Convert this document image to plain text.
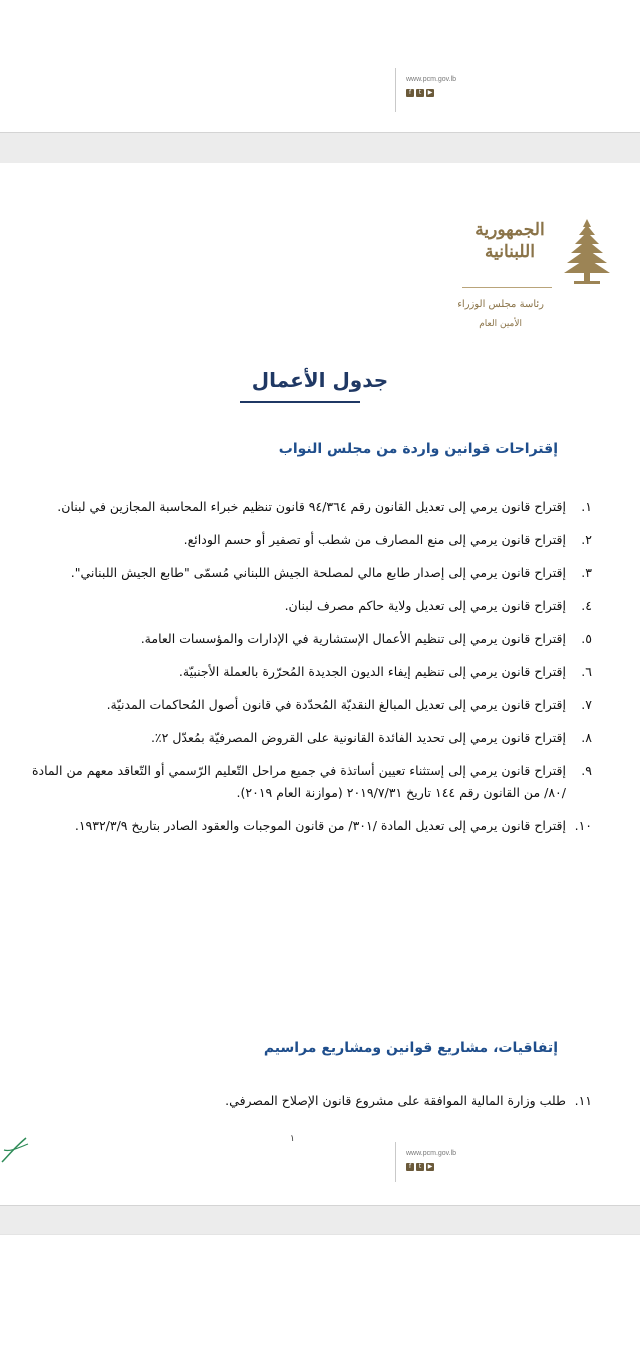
www.pcm.gov.lb
f	t	▶
الجمهورية
اللبنانية
رئاسة مجلس الوزراء
الأمين العام
جدول الأعمال
إقتراحات قوانين واردة من مجلس النواب
١.
إقتراح قانون يرمي إلى تعديل القانون رقم ٩٤/٣٦٤ قانون تنظيم خبراء المحاسبة المجازين في لبنان.
٢.
إقتراح قانون يرمي إلى منع المصارف من شطب أو تصفير أو حسم الودائع.
٣.
إقتراح قانون يرمي إلى إصدار طابع مالي لمصلحة الجيش اللبناني مُسمّى "طابع الجيش اللبناني".
٤.
إقتراح قانون يرمي إلى تعديل ولاية حاكم مصرف لبنان.
٥.
إقتراح قانون يرمي إلى تنظيم الأعمال الإستشارية في الإدارات والمؤسسات العامة.
٦.
إقتراح قانون يرمي إلى تنظيم إيفاء الديون الجديدة المُحرّرة بالعملة الأجنبيّة.
٧.
إقتراح قانون يرمي إلى تعديل المبالغ النقديّة المُحدّدة في قانون أصول المُحاكمات المدنيّة.
٨.
إقتراح قانون يرمي إلى تحديد الفائدة القانونية على القروض المصرفيّة بمُعدّل ٢٪.
٩.
إقتراح قانون يرمي إلى إستثناء تعيين أساتذة في جميع مراحل التّعليم الرّسمي أو التّعاقد معهم من المادة /٨٠/ من القانون رقم ١٤٤ تاريخ ٢٠١٩/٧/٣١ (موازنة العام ٢٠١٩).
١٠.
إقتراح قانون يرمي إلى تعديل المادة /٣٠١/ من قانون الموجبات والعقود الصادر بتاريخ ١٩٣٢/٣/٩.
إتفاقيات، مشاريع قوانين ومشاريع مراسيم
١١.
طلب وزارة المالية الموافقة على مشروع قانون الإصلاح المصرفي.
١
www.pcm.gov.lb
f	t	▶
